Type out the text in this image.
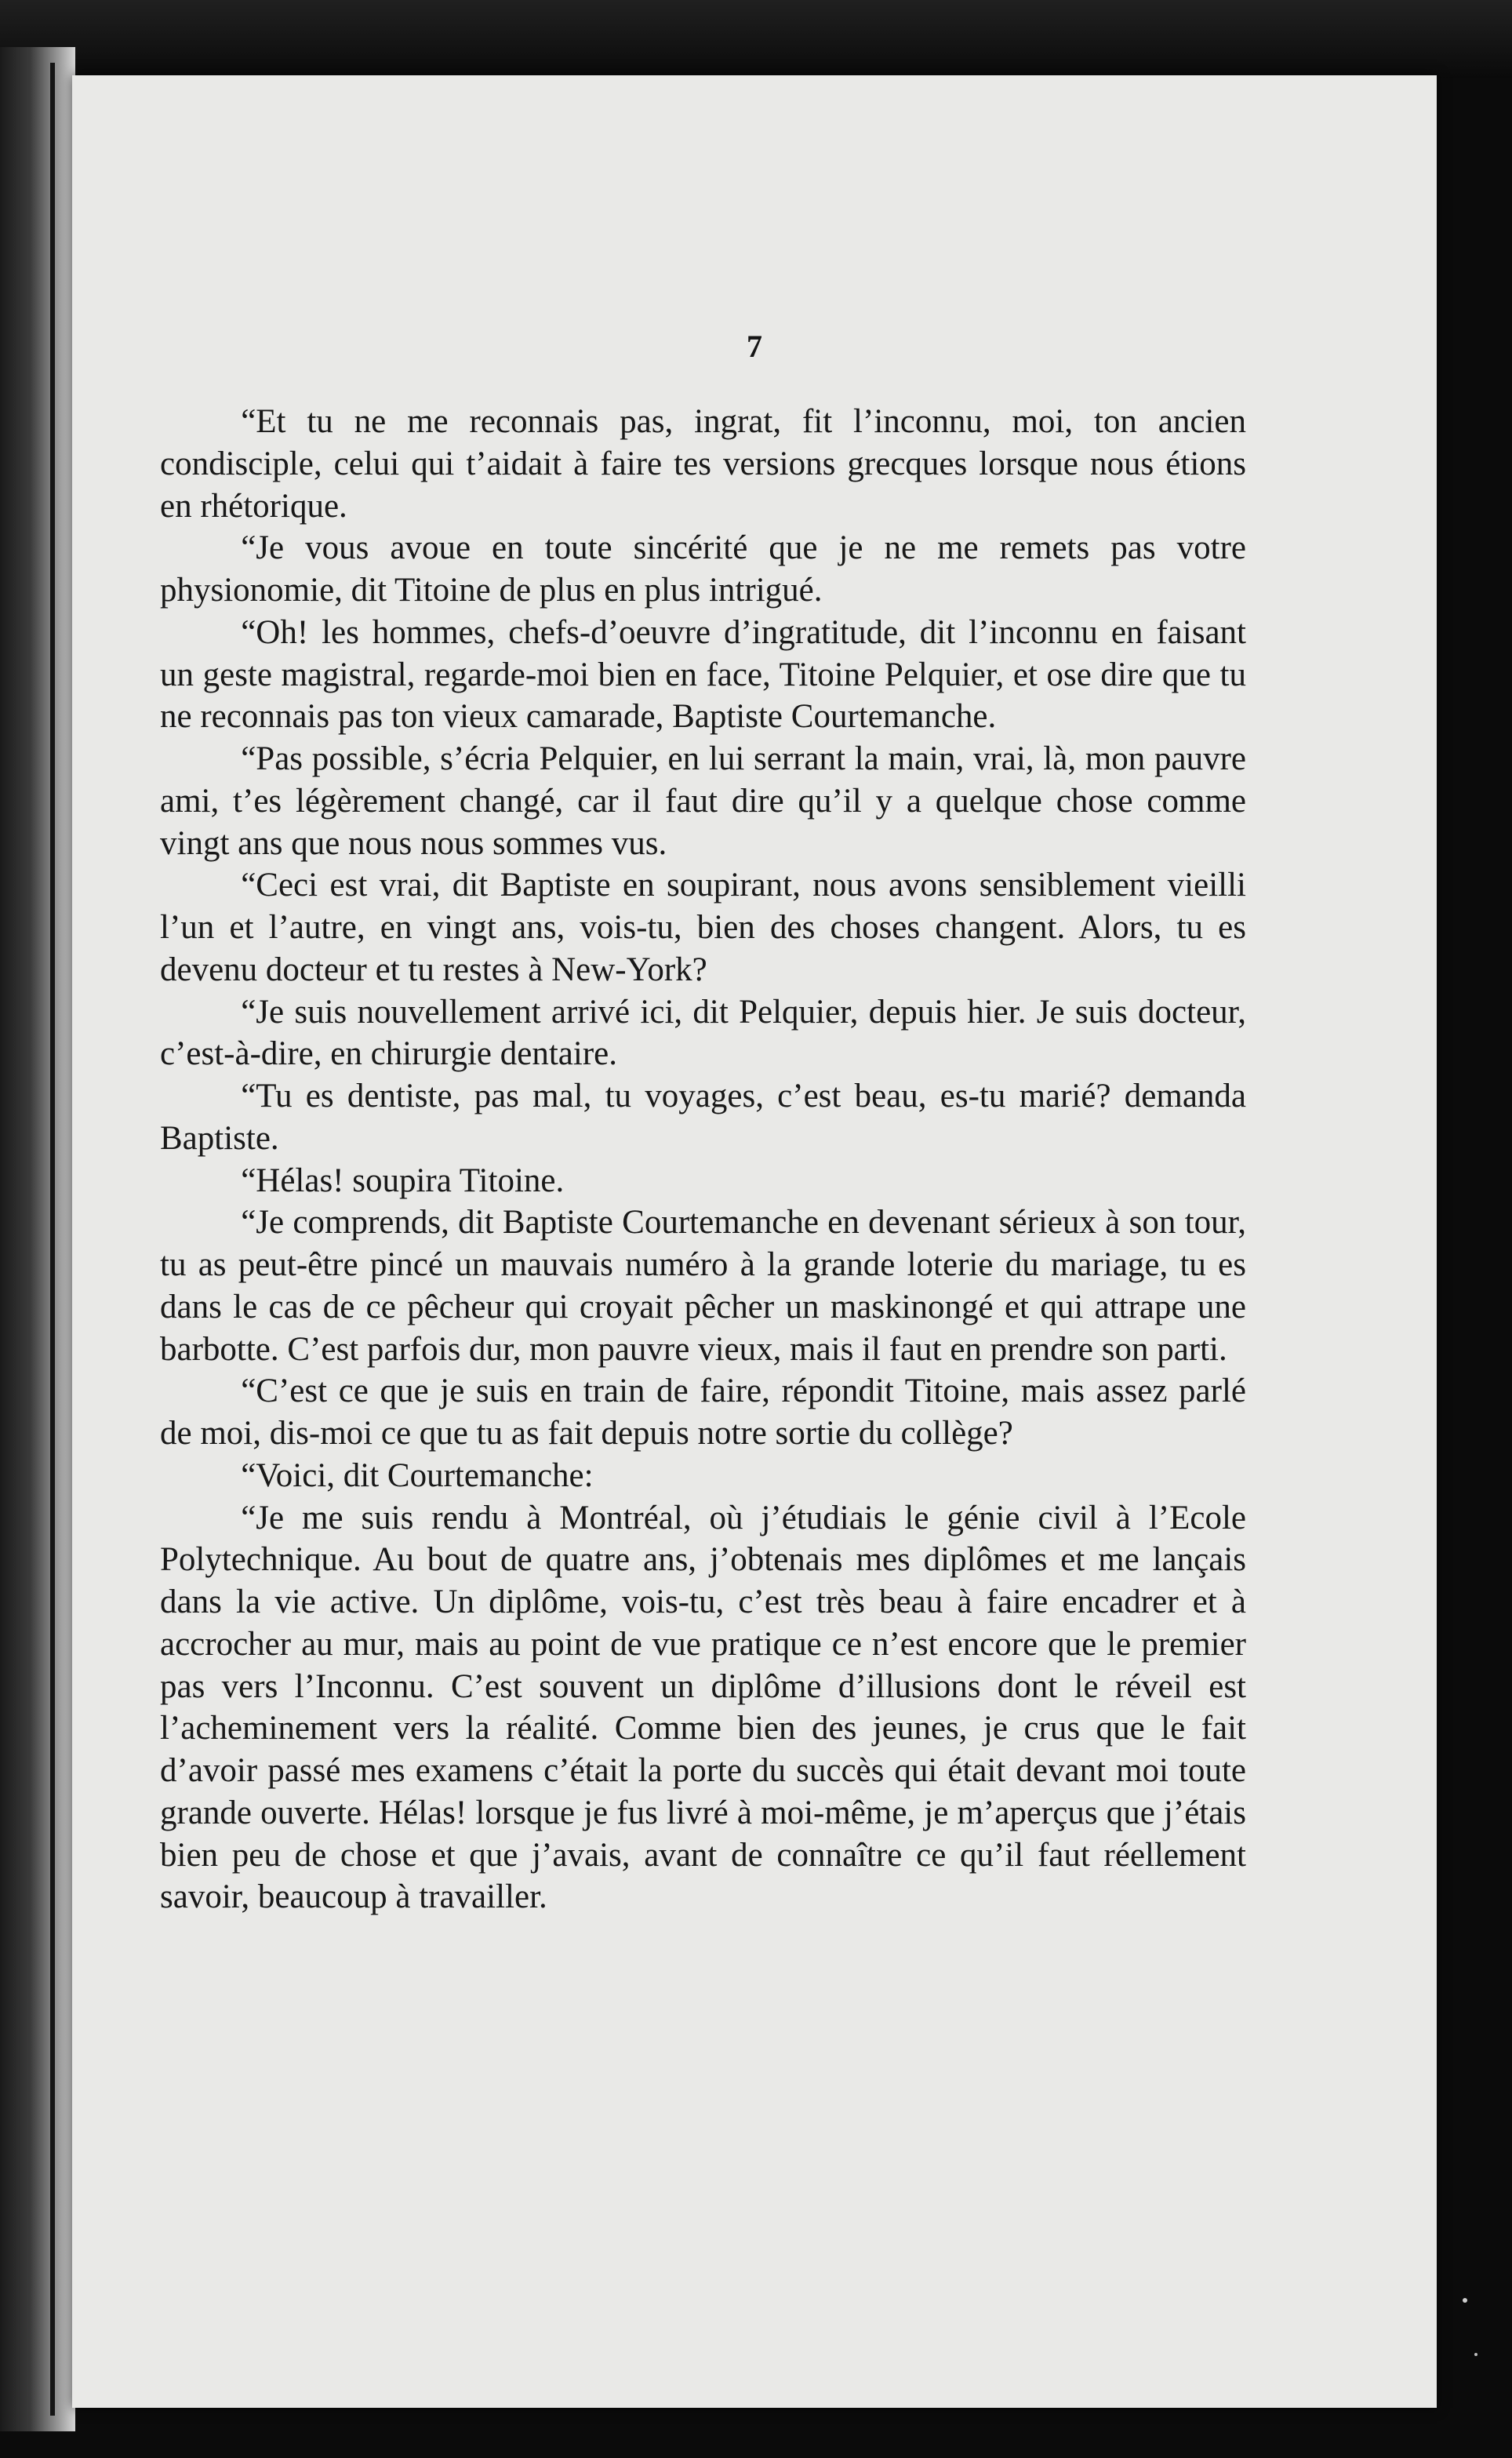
7

“Et tu ne me reconnais pas, ingrat, fit l’inconnu, moi, ton ancien condisciple, celui qui t’aidait à faire tes versions grecques lorsque nous étions en rhétorique.

“Je vous avoue en toute sincérité que je ne me remets pas votre physionomie, dit Titoine de plus en plus intrigué.

“Oh! les hommes, chefs-d’oeuvre d’ingratitude, dit l’inconnu en faisant un geste magistral, regarde-moi bien en face, Titoine Pelquier, et ose dire que tu ne reconnais pas ton vieux camarade, Baptiste Courtemanche.

“Pas possible, s’écria Pelquier, en lui serrant la main, vrai, là, mon pauvre ami, t’es légèrement changé, car il faut dire qu’il y a quelque chose comme vingt ans que nous nous sommes vus.

“Ceci est vrai, dit Baptiste en soupirant, nous avons sensiblement vieilli l’un et l’autre, en vingt ans, vois-tu, bien des choses changent. Alors, tu es devenu docteur et tu restes à New-York?

“Je suis nouvellement arrivé ici, dit Pelquier, depuis hier. Je suis docteur, c’est-à-dire, en chirurgie dentaire.

“Tu es dentiste, pas mal, tu voyages, c’est beau, es-tu marié? demanda Baptiste.

“Hélas! soupira Titoine.

“Je comprends, dit Baptiste Courtemanche en devenant sérieux à son tour, tu as peut-être pincé un mauvais numéro à la grande loterie du mariage, tu es dans le cas de ce pêcheur qui croyait pêcher un maskinongé et qui attrape une barbotte. C’est parfois dur, mon pauvre vieux, mais il faut en prendre son parti.

“C’est ce que je suis en train de faire, répondit Titoine, mais assez parlé de moi, dis-moi ce que tu as fait depuis notre sortie du collège?

“Voici, dit Courtemanche:

“Je me suis rendu à Montréal, où j’étudiais le génie civil à l’Ecole Polytechnique. Au bout de quatre ans, j’obtenais mes diplômes et me lançais dans la vie active. Un diplôme, vois-tu, c’est très beau à faire encadrer et à accrocher au mur, mais au point de vue pratique ce n’est encore que le premier pas vers l’Inconnu. C’est souvent un diplôme d’illusions dont le réveil est l’acheminement vers la réalité. Comme bien des jeunes, je crus que le fait d’avoir passé mes examens c’était la porte du succès qui était devant moi toute grande ouverte. Hélas! lorsque je fus livré à moi-même, je m’aperçus que j’étais bien peu de chose et que j’avais, avant de connaître ce qu’il faut réellement savoir, beaucoup à travailler.
